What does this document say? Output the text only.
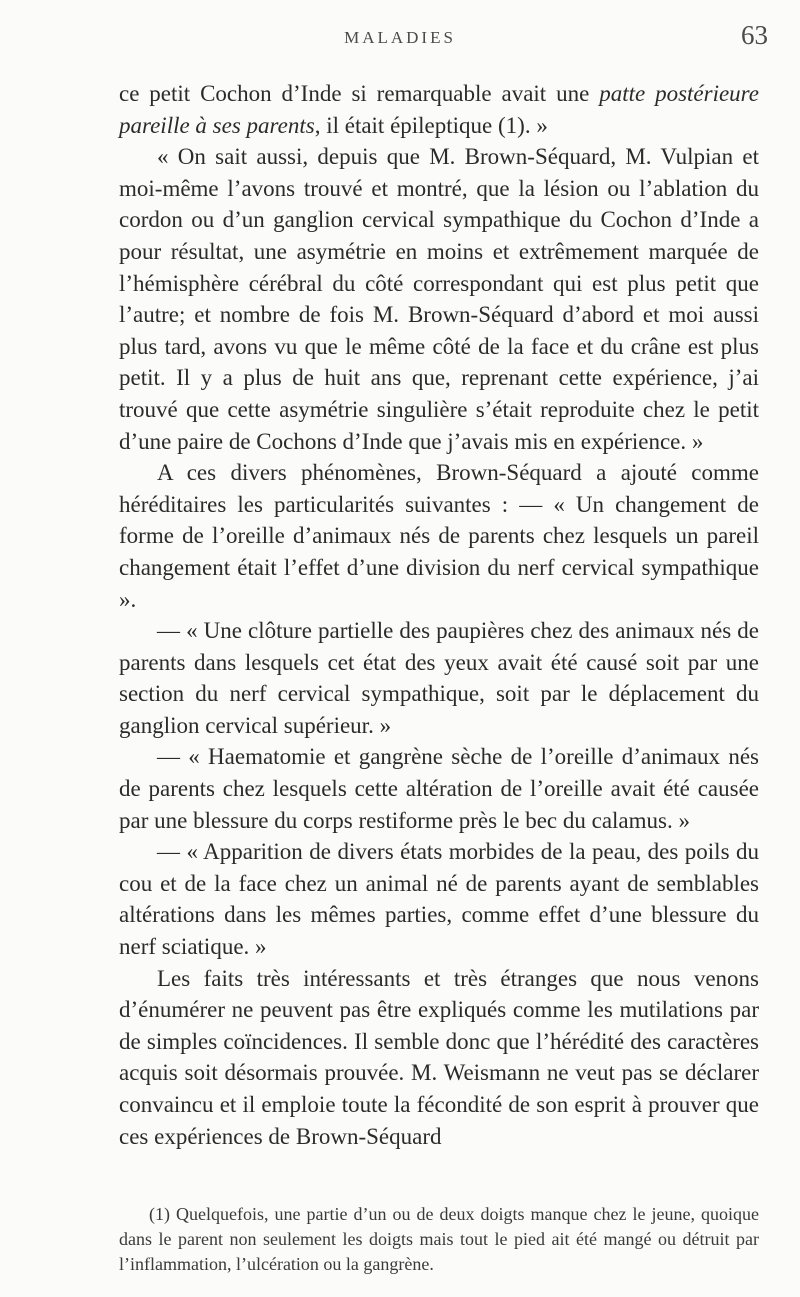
MALADIES	63

ce petit Cochon d’Inde si remarquable avait une patte postérieure pareille à ses parents, il était épileptique (1). »

« On sait aussi, depuis que M. Brown-Séquard, M. Vulpian et moi-même l’avons trouvé et montré, que la lésion ou l’ablation du cordon ou d’un ganglion cervical sympathique du Cochon d’Inde a pour résultat, une asymétrie en moins et extrêmement marquée de l’hémisphère cérébral du côté correspondant qui est plus petit que l’autre; et nombre de fois M. Brown-Séquard d’abord et moi aussi plus tard, avons vu que le même côté de la face et du crâne est plus petit. Il y a plus de huit ans que, reprenant cette expérience, j’ai trouvé que cette asymétrie singulière s’était reproduite chez le petit d’une paire de Cochons d’Inde que j’avais mis en expérience. »

A ces divers phénomènes, Brown-Séquard a ajouté comme héréditaires les particularités suivantes : — « Un changement de forme de l’oreille d’animaux nés de parents chez lesquels un pareil changement était l’effet d’une division du nerf cervical sympathique ».

— « Une clôture partielle des paupières chez des animaux nés de parents dans lesquels cet état des yeux avait été causé soit par une section du nerf cervical sympathique, soit par le déplacement du ganglion cervical supérieur. »

— « Haematomie et gangrène sèche de l’oreille d’animaux nés de parents chez lesquels cette altération de l’oreille avait été causée par une blessure du corps restiforme près le bec du calamus. »

— « Apparition de divers états morbides de la peau, des poils du cou et de la face chez un animal né de parents ayant de semblables altérations dans les mêmes parties, comme effet d’une blessure du nerf sciatique. »

Les faits très intéressants et très étranges que nous venons d’énumérer ne peuvent pas être expliqués comme les mutilations par de simples coïncidences. Il semble donc que l’hérédité des caractères acquis soit désormais prouvée. M. Weismann ne veut pas se déclarer convaincu et il emploie toute la fécondité de son esprit à prouver que ces expériences de Brown-Séquard

(1) Quelquefois, une partie d’un ou de deux doigts manque chez le jeune, quoique dans le parent non seulement les doigts mais tout le pied ait été mangé ou détruit par l’inflammation, l’ulcération ou la gangrène.
